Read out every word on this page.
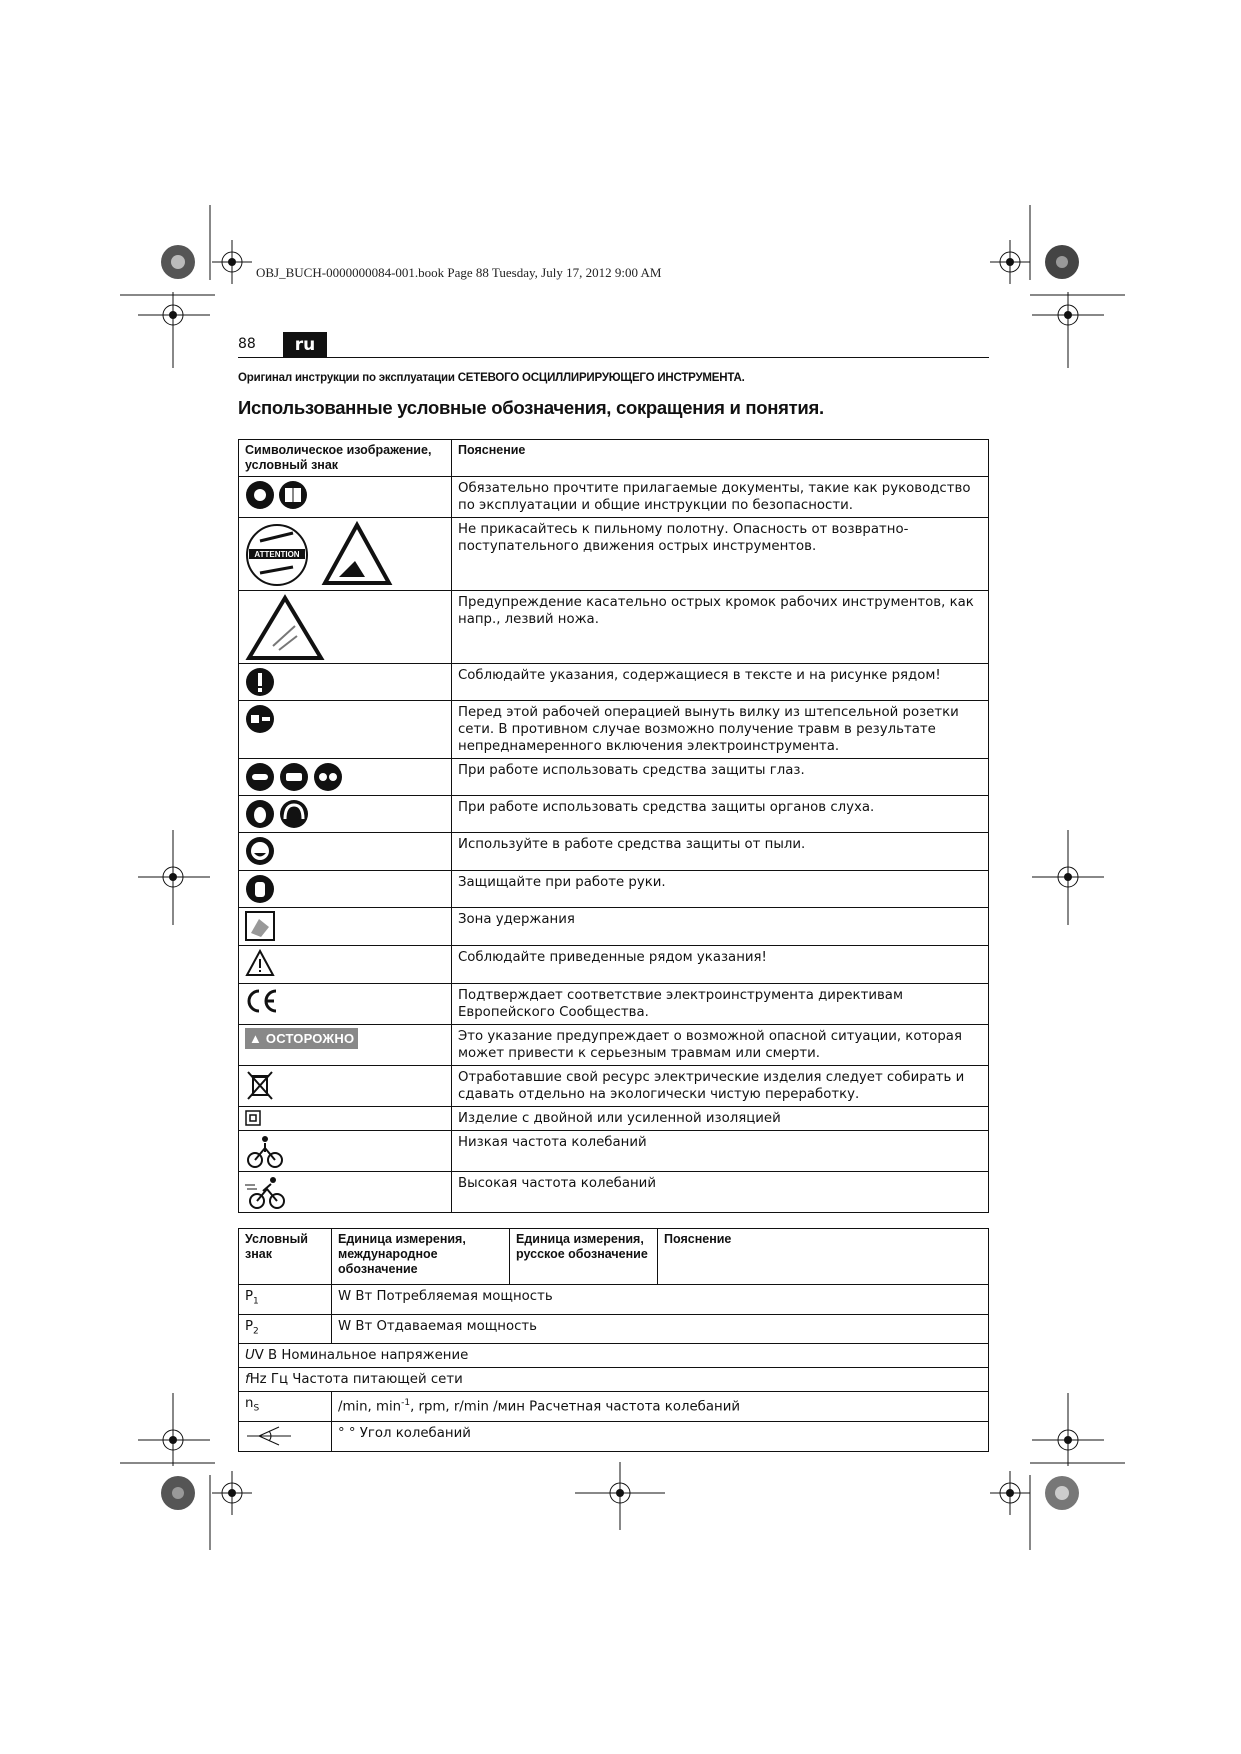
OBJ_BUCH-0000000084-001.book Page 88 Tuesday, July 17, 2012 9:00 AM
88	ru
Оригинал инструкции по эксплуатации СЕТЕВОГО ОСЦИЛЛИРИРУЮЩЕГО ИНСТРУМЕНТА.
Использованные условные обозначения, сокращения и понятия.
Символическое изображение, условный знак	Пояснение
	Обязательно прочтите прилагаемые документы, такие как руководство по эксплуатации и общие инструкции по безопасности.

ATTENTION	Не прикасайтесь к пильному полотну. Опасность от возвратно-поступательного движения острых инструментов.
	Предупреждение касательно острых кромок рабочих инструментов, как напр., лезвий ножа.
	Соблюдайте указания, содержащиеся в тексте и на рисунке рядом!
	Перед этой рабочей операцией вынуть вилку из штепсельной розетки сети. В противном случае возможно получение травм в результате непреднамеренного включения электроинструмента.
	При работе использовать средства защиты глаз.
	При работе использовать средства защиты органов слуха.
	Используйте в работе средства защиты от пыли.
	Защищайте при работе руки.
	Зона удержания
	Соблюдайте приведенные рядом указания!
	Подтверждает соответствие электроинструмента директивам Европейского Сообщества.
▲ ОСТОРОЖНО	Это указание предупреждает о возможной опасной ситуации, которая может привести к серьезным травмам или смерти.
	Отработавшие свой ресурс электрические изделия следует собирать и сдавать отдельно на экологически чистую переработку.
	Изделие с двойной или усиленной изоляцией
	Низкая частота колебаний
	Высокая частота колебаний
Условный знак	Единица измерения, международное обозначение	Единица измерения, русское обозначение	Пояснение
$P_1$	W Вт Потребляемая мощность		
$P_2$	W Вт Отдаваемая мощность		
UV В Номинальное напряжение			
fHz Гц Частота питающей сети			
$n_S$	/min, $\min^{-1}$, rpm, r/min /мин Расчетная частота колебаний		
	° ° Угол колебаний		
